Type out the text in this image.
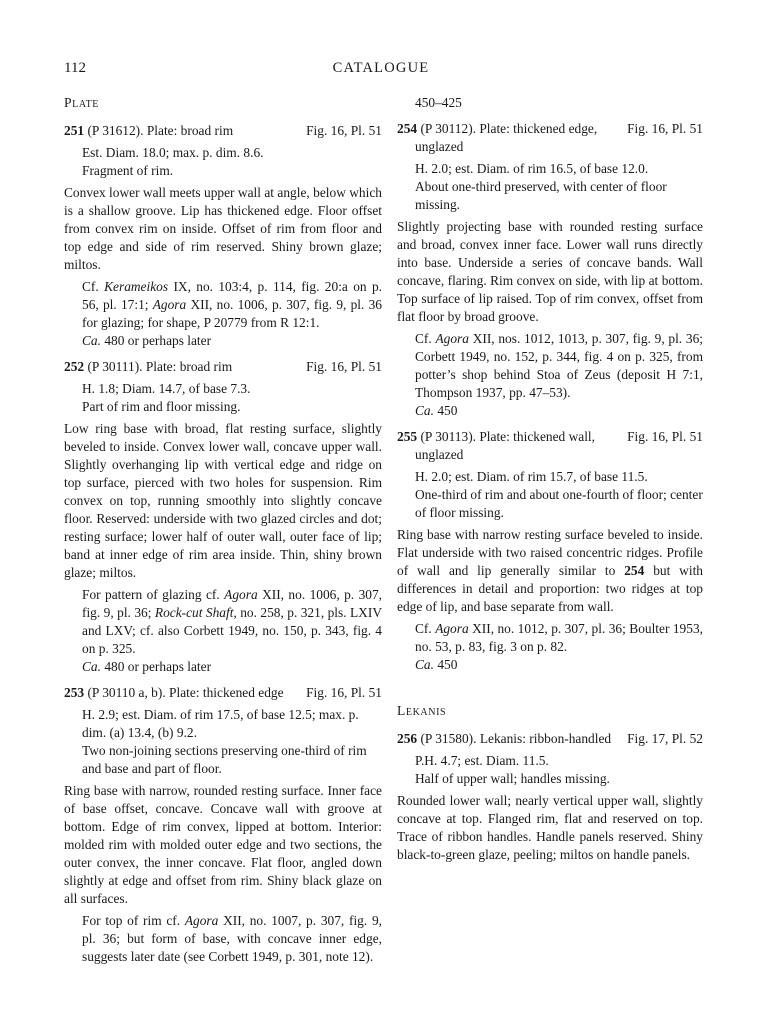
112	CATALOGUE
Plate
251 (P 31612). Plate: broad rim	Fig. 16, Pl. 51
Est. Diam. 18.0; max. p. dim. 8.6.
Fragment of rim.
Convex lower wall meets upper wall at angle, below which is a shallow groove. Lip has thickened edge. Floor offset from convex rim on inside. Offset of rim from floor and top edge and side of rim reserved. Shiny brown glaze; miltos.
Cf. Kerameikos IX, no. 103:4, p. 114, fig. 20:a on p. 56, pl. 17:1; Agora XII, no. 1006, p. 307, fig. 9, pl. 36 for glazing; for shape, P 20779 from R 12:1.
Ca. 480 or perhaps later
252 (P 30111). Plate: broad rim	Fig. 16, Pl. 51
H. 1.8; Diam. 14.7, of base 7.3.
Part of rim and floor missing.
Low ring base with broad, flat resting surface, slightly beveled to inside. Convex lower wall, concave upper wall. Slightly overhanging lip with vertical edge and ridge on top surface, pierced with two holes for suspension. Rim convex on top, running smoothly into slightly concave floor. Reserved: underside with two glazed circles and dot; resting surface; lower half of outer wall, outer face of lip; band at inner edge of rim area inside. Thin, shiny brown glaze; miltos.
For pattern of glazing cf. Agora XII, no. 1006, p. 307, fig. 9, pl. 36; Rock-cut Shaft, no. 258, p. 321, pls. LXIV and LXV; cf. also Corbett 1949, no. 150, p. 343, fig. 4 on p. 325.
Ca. 480 or perhaps later
253 (P 30110 a, b). Plate: thickened edge	Fig. 16, Pl. 51
H. 2.9; est. Diam. of rim 17.5, of base 12.5; max. p. dim. (a) 13.4, (b) 9.2.
Two non-joining sections preserving one-third of rim and base and part of floor.
Ring base with narrow, rounded resting surface. Inner face of base offset, concave. Concave wall with groove at bottom. Edge of rim convex, lipped at bottom. Interior: molded rim with molded outer edge and two sections, the outer convex, the inner concave. Flat floor, angled down slightly at edge and offset from rim. Shiny black glaze on all surfaces.
For top of rim cf. Agora XII, no. 1007, p. 307, fig. 9, pl. 36; but form of base, with concave inner edge, suggests later date (see Corbett 1949, p. 301, note 12).
450–425
254 (P 30112). Plate: thickened edge, unglazed
Fig. 16, Pl. 51
H. 2.0; est. Diam. of rim 16.5, of base 12.0.
About one-third preserved, with center of floor missing.
Slightly projecting base with rounded resting surface and broad, convex inner face. Lower wall runs directly into base. Underside a series of concave bands. Wall concave, flaring. Rim convex on side, with lip at bottom. Top surface of lip raised. Top of rim convex, offset from flat floor by broad groove.
Cf. Agora XII, nos. 1012, 1013, p. 307, fig. 9, pl. 36; Corbett 1949, no. 152, p. 344, fig. 4 on p. 325, from potter’s shop behind Stoa of Zeus (deposit H 7:1, Thompson 1937, pp. 47–53).
Ca. 450
255 (P 30113). Plate: thickened wall, unglazed
Fig. 16, Pl. 51
H. 2.0; est. Diam. of rim 15.7, of base 11.5.
One-third of rim and about one-fourth of floor; center of floor missing.
Ring base with narrow resting surface beveled to inside. Flat underside with two raised concentric ridges. Profile of wall and lip generally similar to 254 but with differences in detail and proportion: two ridges at top edge of lip, and base separate from wall.
Cf. Agora XII, no. 1012, p. 307, pl. 36; Boulter 1953, no. 53, p. 83, fig. 3 on p. 82.
Ca. 450
Lekanis
256 (P 31580). Lekanis: ribbon-handled	Fig. 17, Pl. 52
P.H. 4.7; est. Diam. 11.5.
Half of upper wall; handles missing.
Rounded lower wall; nearly vertical upper wall, slightly concave at top. Flanged rim, flat and reserved on top. Trace of ribbon handles. Handle panels reserved. Shiny black-to-green glaze, peeling; miltos on handle panels.
